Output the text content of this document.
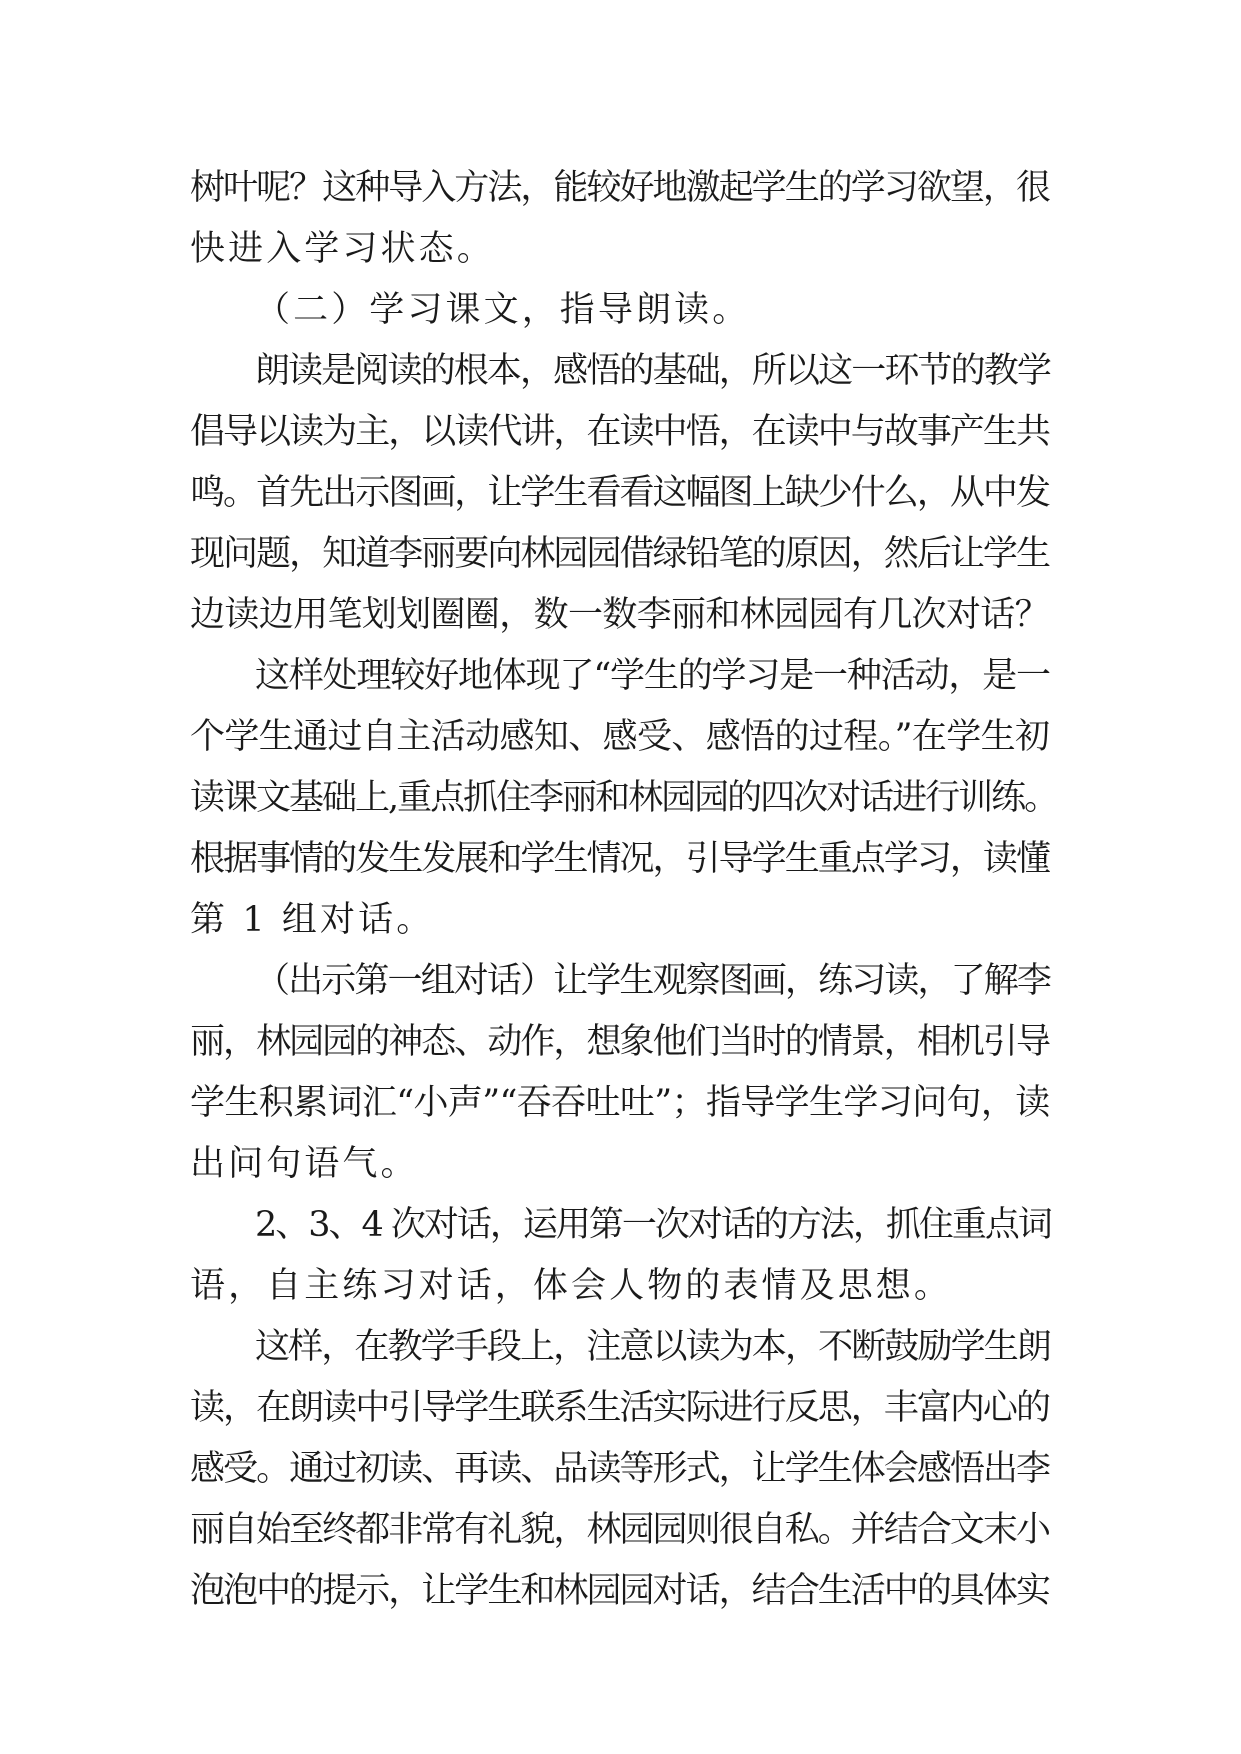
树叶呢？这种导入方法，能较好地激起学生的学习欲望，很
快进入学习状态。
（二）学习课文，指导朗读。
朗读是阅读的根本，感悟的基础，所以这一环节的教学
倡导以读为主，以读代讲，在读中悟，在读中与故事产生共
鸣。首先出示图画，让学生看看这幅图上缺少什么，从中发
现问题，知道李丽要向林园园借绿铅笔的原因，然后让学生
边读边用笔划划圈圈，数一数李丽和林园园有几次对话？
这样处理较好地体现了“学生的学习是一种活动，是一
个学生通过自主活动感知、感受、感悟的过程。”在学生初
读课文基础上,重点抓住李丽和林园园的四次对话进行训练。
根据事情的发生发展和学生情况，引导学生重点学习，读懂
第 1 组对话。
（出示第一组对话）让学生观察图画，练习读，了解李
丽，林园园的神态、动作，想象他们当时的情景，相机引导
学生积累词汇“小声”“吞吞吐吐”；指导学生学习问句，读
出问句语气。
2、3、4 次对话，运用第一次对话的方法，抓住重点词
语，自主练习对话，体会人物的表情及思想。
这样，在教学手段上，注意以读为本，不断鼓励学生朗
读，在朗读中引导学生联系生活实际进行反思，丰富内心的
感受。通过初读、再读、品读等形式，让学生体会感悟出李
丽自始至终都非常有礼貌，林园园则很自私。并结合文末小
泡泡中的提示，让学生和林园园对话，结合生活中的具体实
